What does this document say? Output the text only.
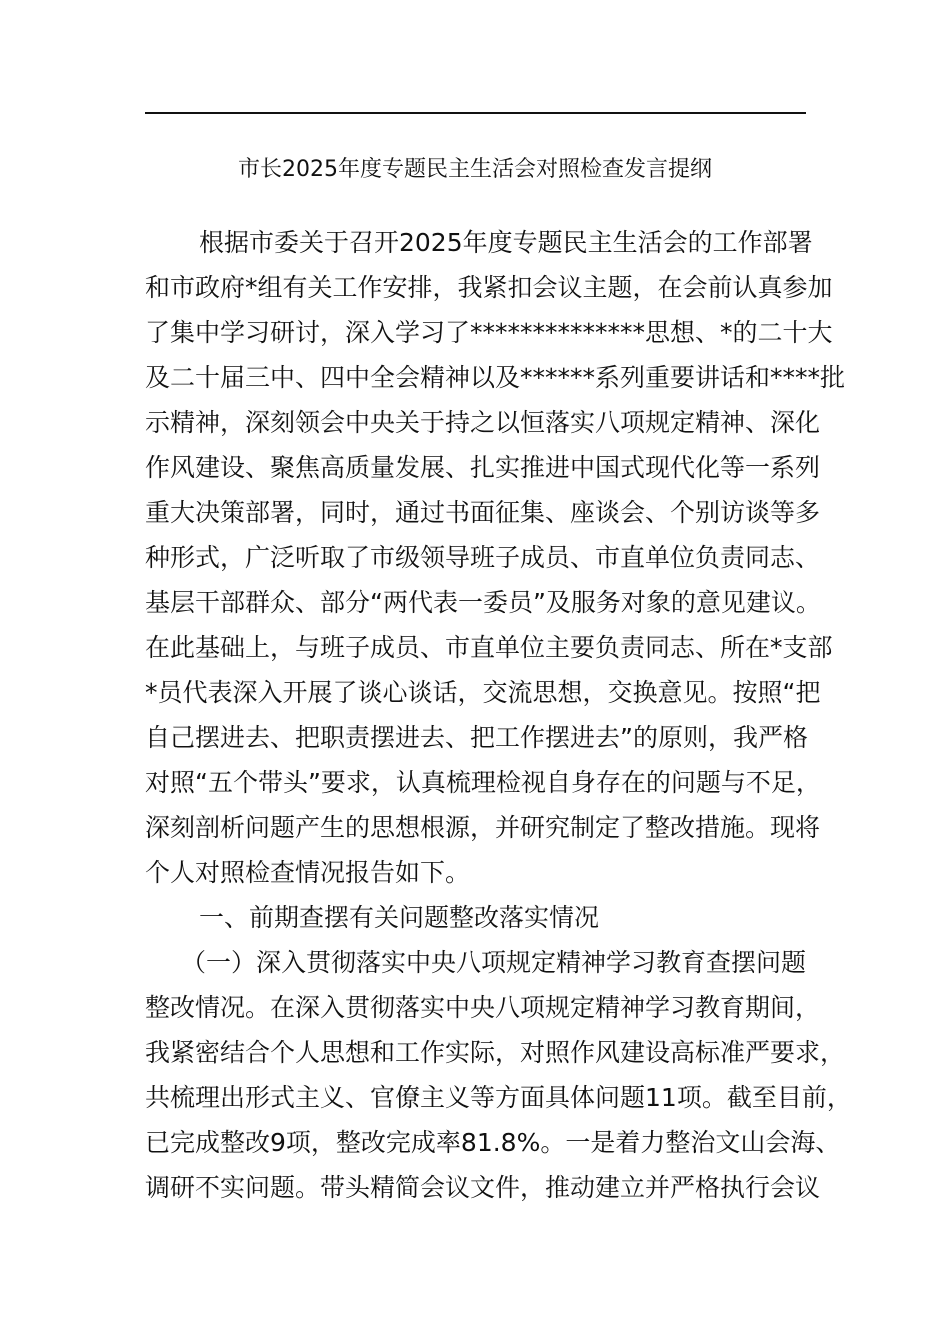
市长2025年度专题民主生活会对照检查发言提纲
根据市委关于召开2025年度专题民主生活会的工作部署
和市政府*组有关工作安排，我紧扣会议主题，在会前认真参加
了集中学习研讨，深入学习了**************思想、*的二十大
及二十届三中、四中全会精神以及******系列重要讲话和****批
示精神，深刻领会中央关于持之以恒落实八项规定精神、深化
作风建设、聚焦高质量发展、扎实推进中国式现代化等一系列
重大决策部署，同时，通过书面征集、座谈会、个别访谈等多
种形式，广泛听取了市级领导班子成员、市直单位负责同志、
基层干部群众、部分“两代表一委员”及服务对象的意见建议。
在此基础上，与班子成员、市直单位主要负责同志、所在*支部
*员代表深入开展了谈心谈话，交流思想，交换意见。按照“把
自己摆进去、把职责摆进去、把工作摆进去”的原则，我严格
对照“五个带头”要求，认真梳理检视自身存在的问题与不足，
深刻剖析问题产生的思想根源，并研究制定了整改措施。现将
个人对照检查情况报告如下。
一、前期查摆有关问题整改落实情况
（一）深入贯彻落实中央八项规定精神学习教育查摆问题
整改情况。在深入贯彻落实中央八项规定精神学习教育期间，
我紧密结合个人思想和工作实际，对照作风建设高标准严要求，
共梳理出形式主义、官僚主义等方面具体问题11项。截至目前，
已完成整改9项，整改完成率81.8%。一是着力整治文山会海、
调研不实问题。带头精简会议文件，推动建立并严格执行会议
